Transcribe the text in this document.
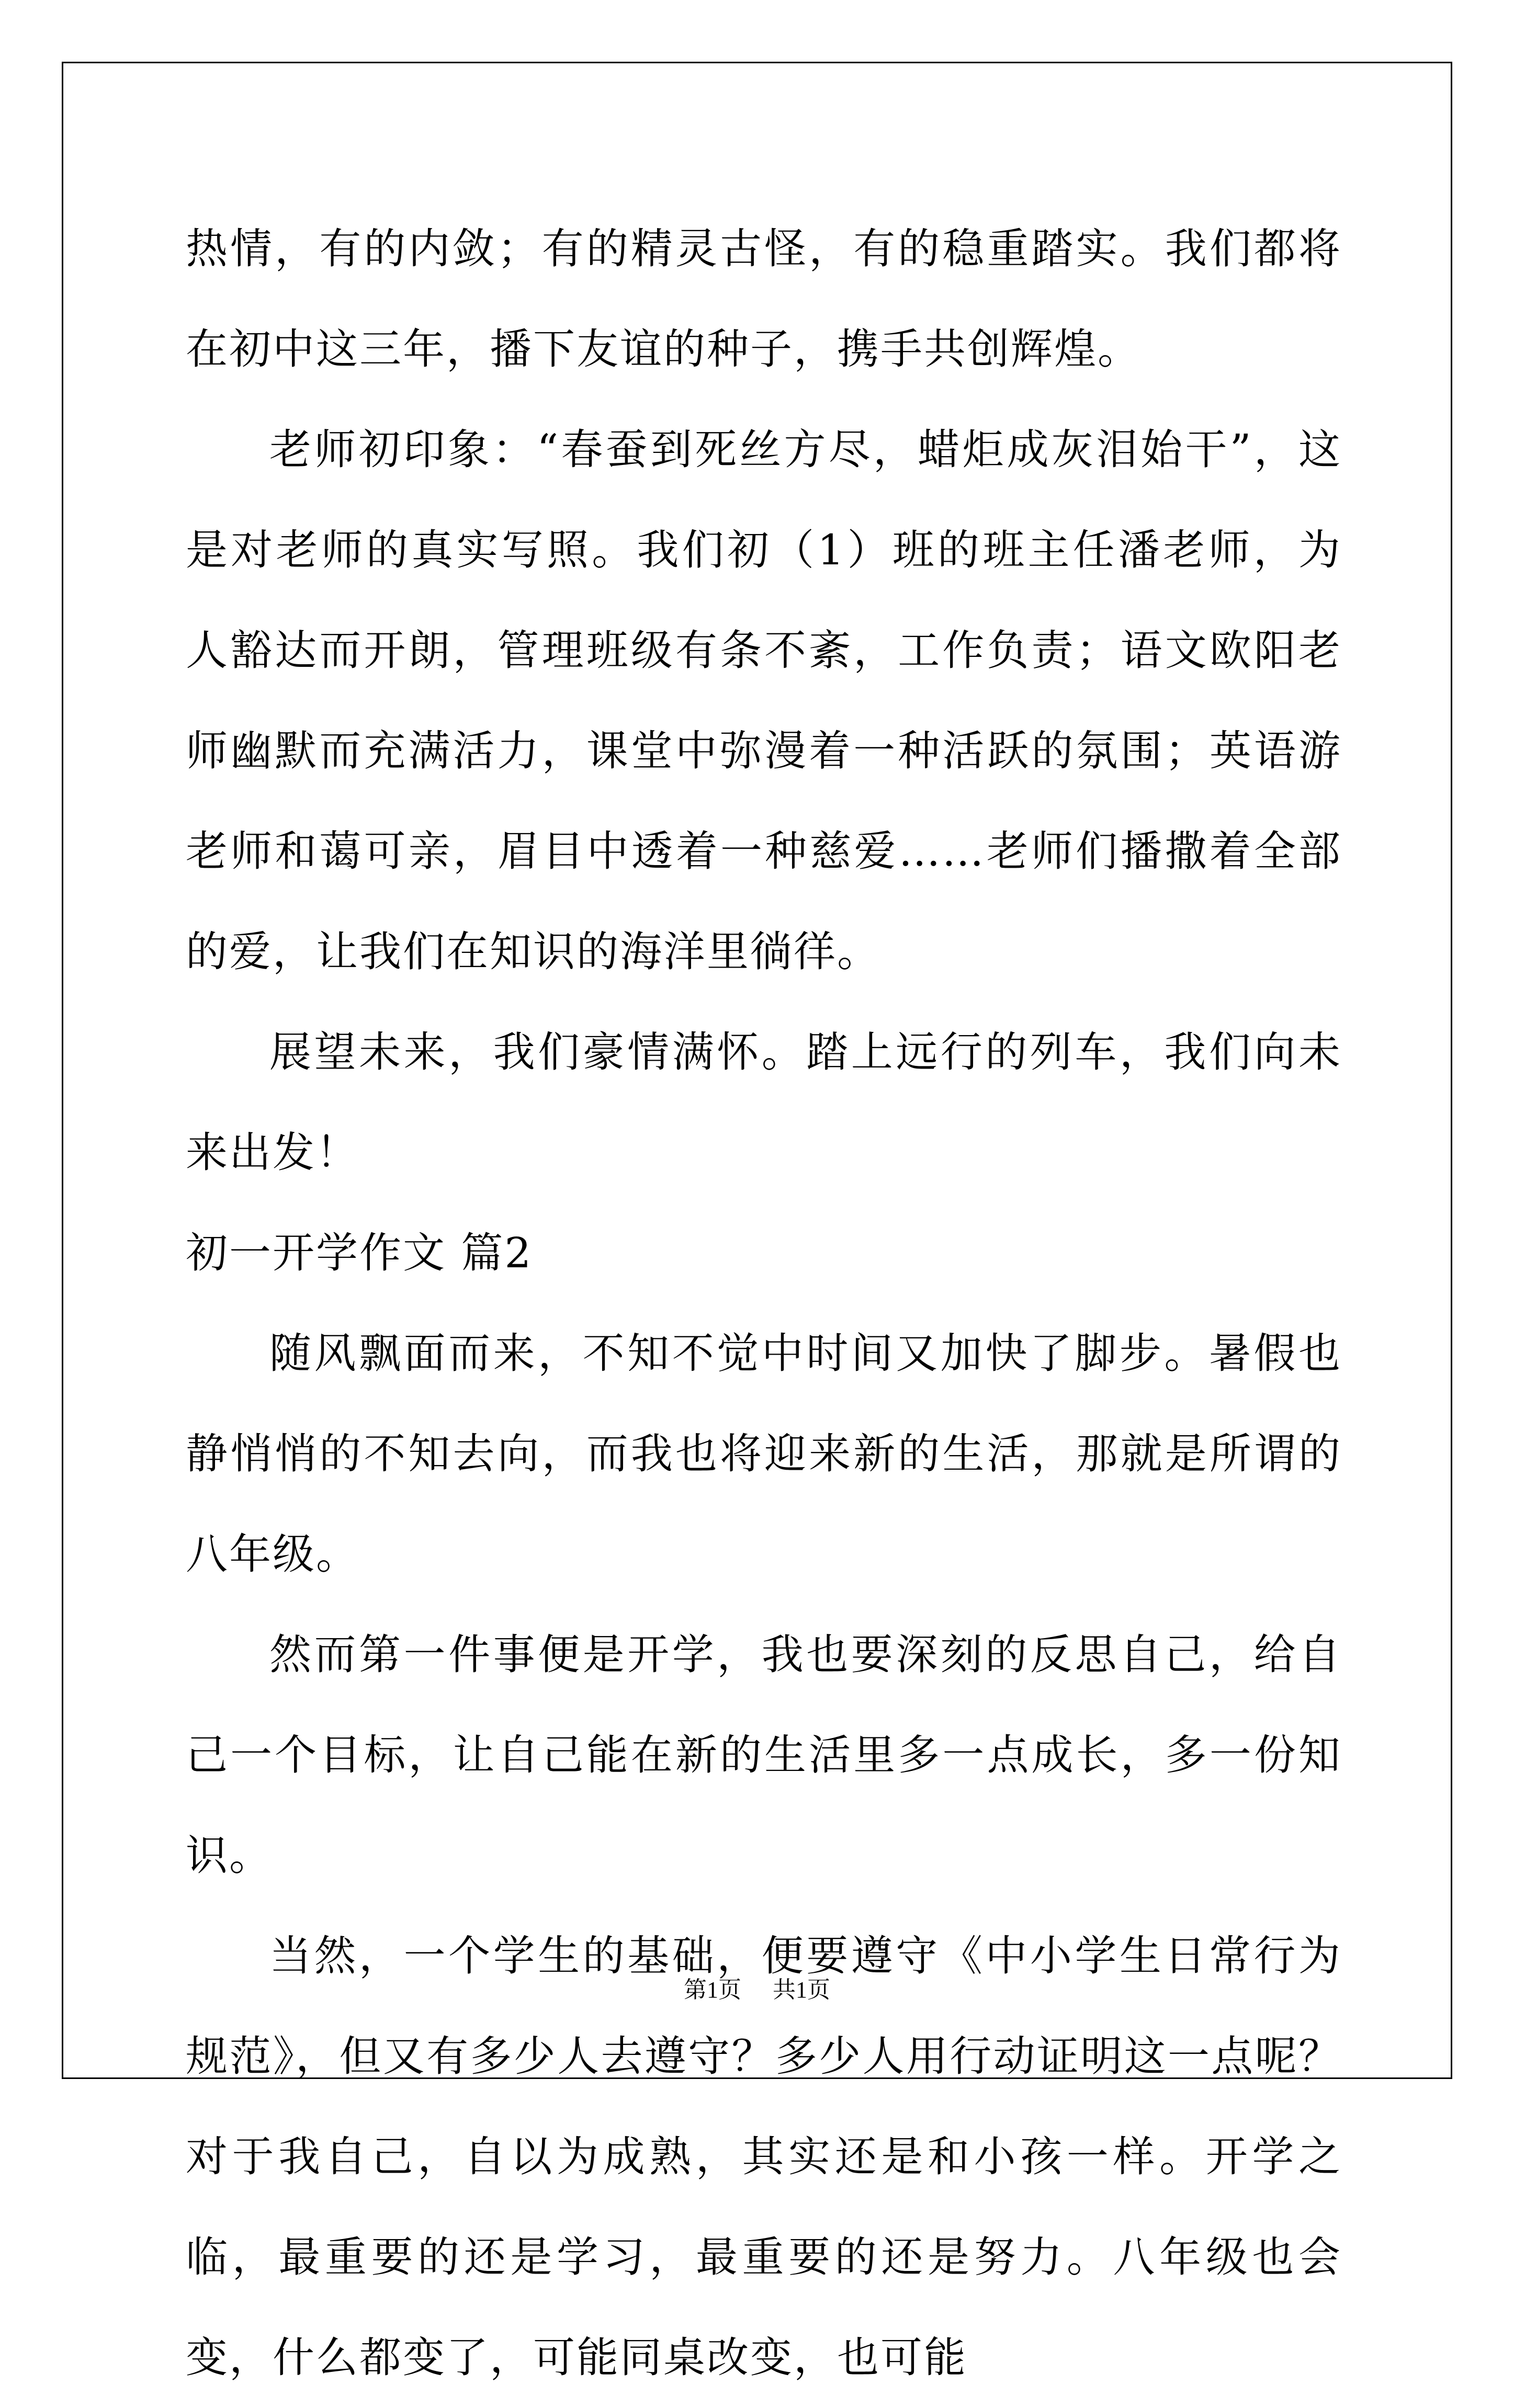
热情，有的内敛；有的精灵古怪，有的稳重踏实。我们都将在初中这三年，播下友谊的种子，携手共创辉煌。

老师初印象：“春蚕到死丝方尽，蜡炬成灰泪始干”，这是对老师的真实写照。我们初（1）班的班主任潘老师，为人豁达而开朗，管理班级有条不紊，工作负责；语文欧阳老师幽默而充满活力，课堂中弥漫着一种活跃的氛围；英语游老师和蔼可亲，眉目中透着一种慈爱……老师们播撒着全部的爱，让我们在知识的海洋里徜徉。

展望未来，我们豪情满怀。踏上远行的列车，我们向未来出发！

初一开学作文 篇2

随风飘面而来，不知不觉中时间又加快了脚步。暑假也静悄悄的不知去向，而我也将迎来新的生活，那就是所谓的八年级。

然而第一件事便是开学，我也要深刻的反思自己，给自己一个目标，让自己能在新的生活里多一点成长，多一份知识。

当然，一个学生的基础，便要遵守《中小学生日常行为规范》，但又有多少人去遵守？多少人用行动证明这一点呢？对于我自己，自以为成熟，其实还是和小孩一样。开学之临，最重要的还是学习，最重要的还是努力。八年级也会变，什么都变了，可能同桌改变，也可能

第1页 共1页
